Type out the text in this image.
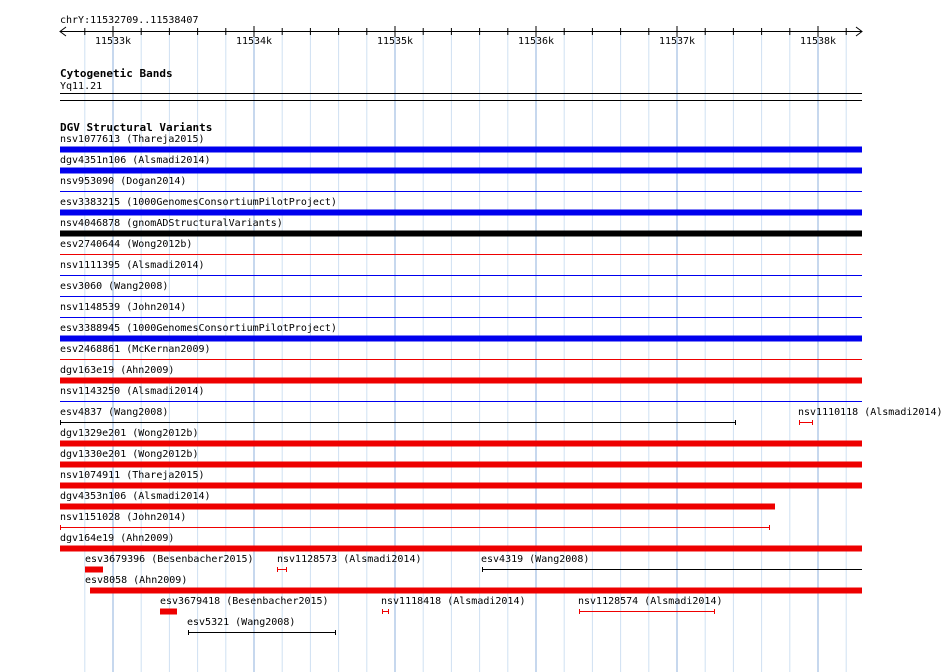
11533k	11534k	11535k	11536k	11537k	11538k
chrY:11532709..11538407
Cytogenetic Bands
Yq11.21
DGV Structural Variants
nsv1077613 (Thareja2015)
dgv4351n106 (Alsmadi2014)
nsv953090 (Dogan2014)
esv3383215 (1000GenomesConsortiumPilotProject)
nsv4046878 (gnomADStructuralVariants)
esv2740644 (Wong2012b)
nsv1111395 (Alsmadi2014)
esv3060 (Wang2008)
nsv1148539 (John2014)
esv3388945 (1000GenomesConsortiumPilotProject)
esv2468861 (McKernan2009)
dgv163e19 (Ahn2009)
nsv1143250 (Alsmadi2014)
esv4837 (Wang2008)	nsv1110118 (Alsmadi2014)
dgv1329e201 (Wong2012b)
dgv1330e201 (Wong2012b)
nsv1074911 (Thareja2015)
dgv4353n106 (Alsmadi2014)
nsv1151028 (John2014)
dgv164e19 (Ahn2009)
esv3679396 (Besenbacher2015) nsv1128573 (Alsmadi2014)	esv4319 (Wang2008)
esv8058 (Ahn2009)
esv3679418 (Besenbacher2015)	nsv1118418 (Alsmadi2014)	nsv1128574 (Alsmadi2014)
esv5321 (Wang2008)
